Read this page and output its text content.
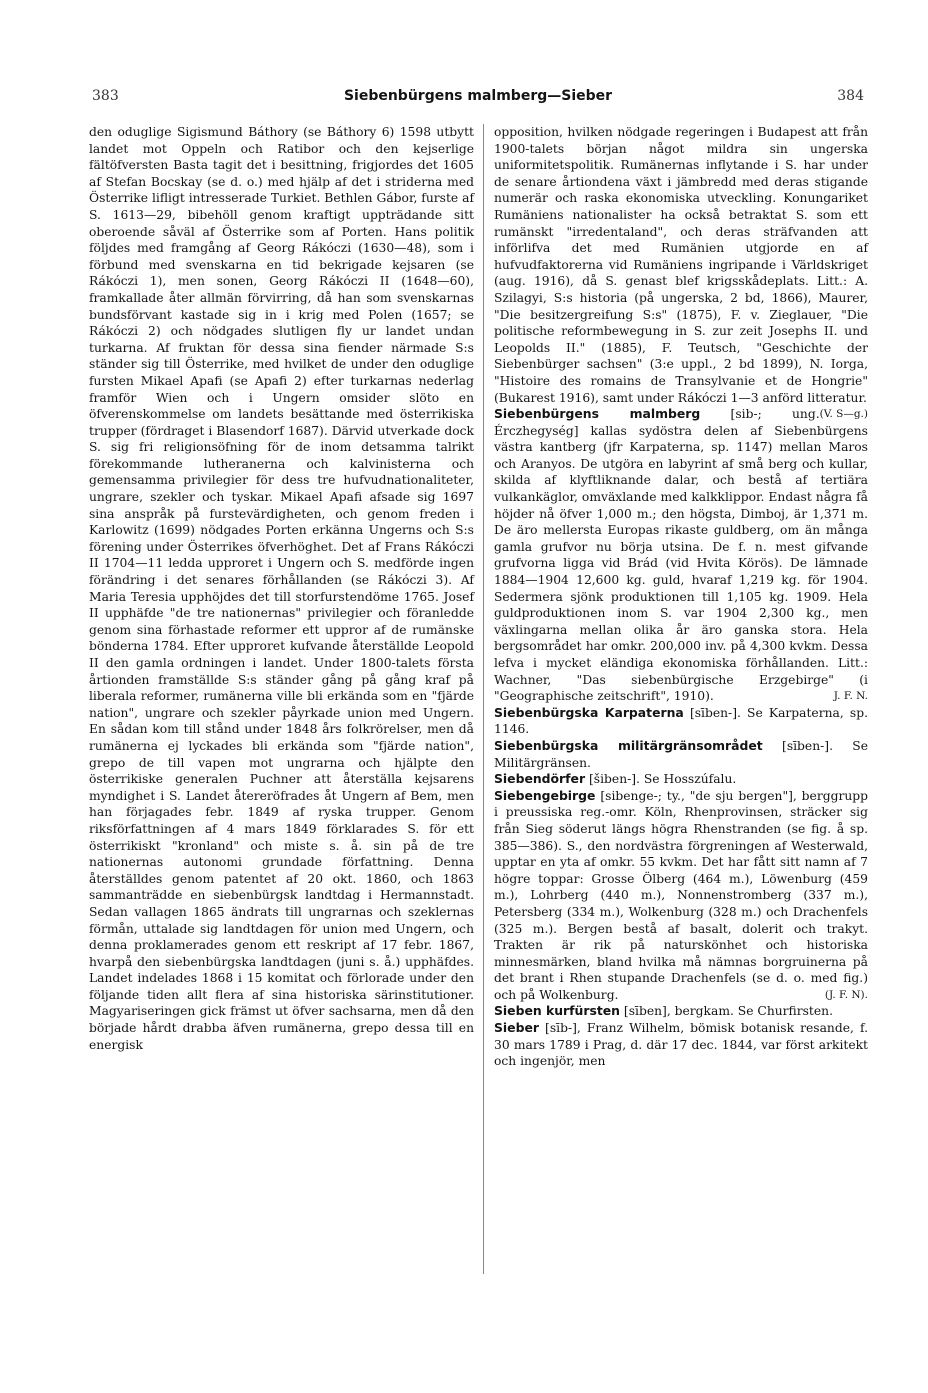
383	Siebenbürgens malmberg—Sieber	384

den oduglige Sigismund Báthory (se Báthory 6) 1598 utbytt landet mot Oppeln och Ratibor och den kejserlige fältöfversten Basta tagit det i besittning, frigjordes det 1605 af Stefan Bocskay (se d. o.) med hjälp af det i striderna med Österrike lifligt intresserade Turkiet. Bethlen Gábor, furste af S. 1613—29, bibehöll genom kraftigt uppträdande sitt oberoende såväl af Österrike som af Porten. Hans politik följdes med framgång af Georg Rákóczi (1630—48), som i förbund med svenskarna en tid bekrigade kejsaren (se Rákóczi 1), men sonen, Georg Rákóczi II (1648—60), framkallade åter allmän förvirring, då han som svenskarnas bundsförvant kastade sig in i krig med Polen (1657; se Rákóczi 2) och nödgades slutligen fly ur landet undan turkarna. Af fruktan för dessa sina fiender närmade S:s ständer sig till Österrike, med hvilket de under den oduglige fursten Mikael Apafi (se Apafi 2) efter turkarnas nederlag framför Wien och i Ungern omsider slöto en öfverenskommelse om landets besättande med österrikiska trupper (fördraget i Blasendorf 1687). Därvid utverkade dock S. sig fri religionsöfning för de inom detsamma talrikt förekommande lutheranerna och kalvinisterna och gemensamma privilegier för dess tre hufvudnationaliteter, ungrare, szekler och tyskar. Mikael Apafi afsade sig 1697 sina anspråk på furstevärdigheten, och genom freden i Karlowitz (1699) nödgades Porten erkänna Ungerns och S:s förening under Österrikes öfverhöghet. Det af Frans Rákóczi II 1704—11 ledda upproret i Ungern och S. medförde ingen förändring i det senares förhållanden (se Rákóczi 3). Af Maria Teresia upphöjdes det till storfurstendöme 1765. Josef II upphäfde "de tre nationernas" privilegier och föranledde genom sina förhastade reformer ett uppror af de rumänske bönderna 1784. Efter upproret kufvande återställde Leopold II den gamla ordningen i landet. Under 1800-talets första årtionden framställde S:s ständer gång på gång kraf på liberala reformer, rumänerna ville bli erkända som en "fjärde nation", ungrare och szekler påyrkade union med Ungern. En sådan kom till stånd under 1848 års folkrörelser, men då rumänerna ej lyckades bli erkända som "fjärde nation", grepo de till vapen mot ungrarna och hjälpte den österrikiske generalen Puchner att återställa kejsarens myndighet i S. Landet återeröfrades åt Ungern af Bem, men han förjagades febr. 1849 af ryska trupper. Genom riksförfattningen af 4 mars 1849 förklarades S. för ett österrikiskt "kronland" och miste s. å. sin på de tre nationernas autonomi grundade författning. Denna återställdes genom patentet af 20 okt. 1860, och 1863 sammanträdde en siebenbürgsk landtdag i Hermannstadt. Sedan vallagen 1865 ändrats till ungrarnas och szeklernas förmån, uttalade sig landtdagen för union med Ungern, och denna proklamerades genom ett reskript af 17 febr. 1867, hvarpå den siebenbürgska landtdagen (juni s. å.) upphäfdes. Landet indelades 1868 i 15 komitat och förlorade under den följande tiden allt flera af sina historiska särinstitutioner. Magyariseringen gick främst ut öfver sachsarna, men då den började hårdt drabba äfven rumänerna, grepo dessa till en energisk

opposition, hvilken nödgade regeringen i Budapest att från 1900-talets början något mildra sin ungerska uniformitetspolitik. Rumänernas inflytande i S. har under de senare årtiondena växt i jämbredd med deras stigande numerär och raska ekonomiska utveckling. Konungariket Rumäniens nationalister ha också betraktat S. som ett rumänskt "irredentaland", och deras sträfvanden att införlifva det med Rumänien utgjorde en af hufvudfaktorerna vid Rumäniens ingripande i Världskriget (aug. 1916), då S. genast blef krigsskådeplats. Litt.: A. Szilagyi, S:s historia (på ungerska, 2 bd, 1866), Maurer, "Die besitzergreifung S:s" (1875), F. v. Zieglauer, "Die politische reformbewegung in S. zur zeit Josephs II. und Leopolds II." (1885), F. Teutsch, "Geschichte der Siebenbürger sachsen" (3:e uppl., 2 bd 1899), N. Iorga, "Histoire des romains de Transylvanie et de Hongrie" (Bukarest 1916), samt under Rákóczi 1—3 anförd litteratur.
(V. S—g.)

Siebenbürgens malmberg [sib-; ung. Érczhegység] kallas sydöstra delen af Siebenbürgens västra kantberg (jfr Karpaterna, sp. 1147) mellan Maros och Aranyos. De utgöra en labyrint af små berg och kullar, skilda af klyftliknande dalar, och bestå af tertiära vulkankäglor, omväxlande med kalkklippor. Endast några få höjder nå öfver 1,000 m.; den högsta, Dimboj, är 1,371 m. De äro mellersta Europas rikaste guldberg, om än många gamla grufvor nu börja utsina. De f. n. mest gifvande grufvorna ligga vid Brád (vid Hvita Körös). De lämnade 1884—1904 12,600 kg. guld, hvaraf 1,219 kg. för 1904. Sedermera sjönk produktionen till 1,105 kg. 1909. Hela guldproduktionen inom S. var 1904 2,300 kg., men växlingarna mellan olika år äro ganska stora. Hela bergsområdet har omkr. 200,000 inv. på 4,300 kvkm. Dessa lefva i mycket eländiga ekonomiska förhållanden. Litt.: Wachner, "Das siebenbürgische Erzgebirge" (i "Geographische zeitschrift", 1910).	J. F. N.

Siebenbürgska Karpaterna [sīben-]. Se Karpaterna, sp. 1146.

Siebenbürgska militärgränsområdet [sīben-]. Se Militärgränsen.

Siebendörfer [šiben-]. Se Hosszúfalu.

Siebengebirge [sibenge-; ty., "de sju bergen"], berggrupp i preussiska reg.-omr. Köln, Rhenprovinsen, sträcker sig från Sieg söderut längs högra Rhenstranden (se fig. å sp. 385—386). S., den nordvästra förgreningen af Westerwald, upptar en yta af omkr. 55 kvkm. Det har fått sitt namn af 7 högre toppar: Grosse Ölberg (464 m.), Löwenburg (459 m.), Lohrberg (440 m.), Nonnenstromberg (337 m.), Petersberg (334 m.), Wolkenburg (328 m.) och Drachenfels (325 m.). Bergen bestå af basalt, dolerit och trakyt. Trakten är rik på naturskönhet och historiska minnesmärken, bland hvilka må nämnas borgruinerna på det brant i Rhen stupande Drachenfels (se d. o. med fig.) och på Wolkenburg.	(J. F. N).

Sieben kurfürsten [sīben], bergkam. Se Churfirsten.

Sieber [sīb-], Franz Wilhelm, bömisk botanisk resande, f. 30 mars 1789 i Prag, d. där 17 dec. 1844, var först arkitekt och ingenjör, men
